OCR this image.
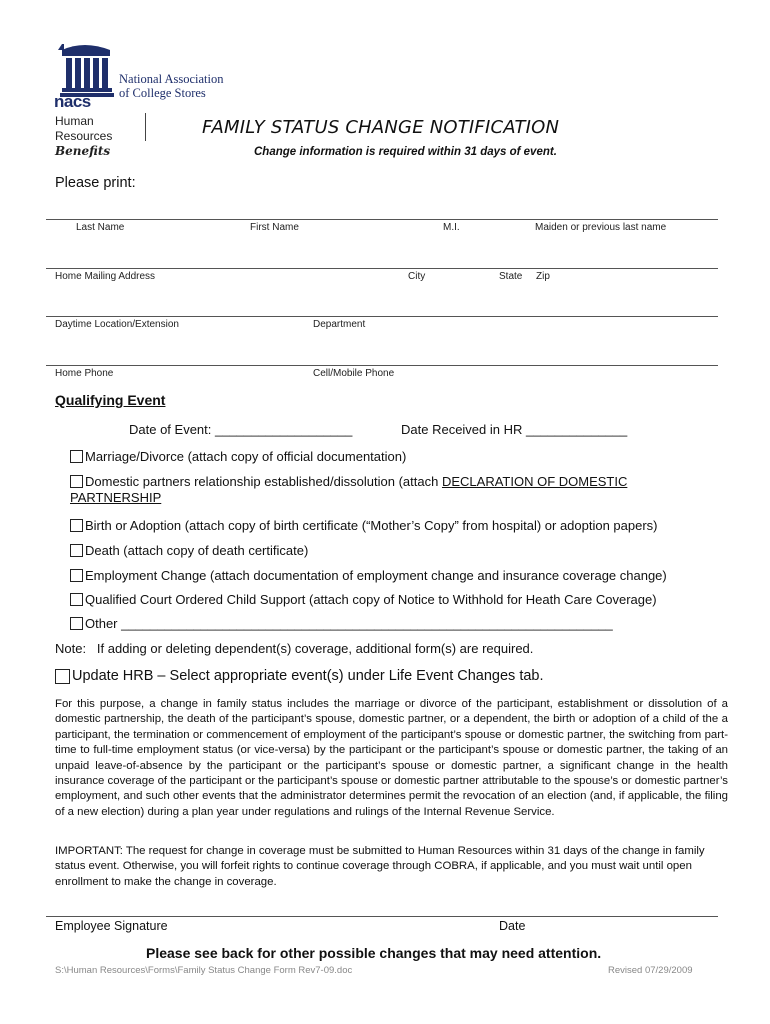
nacs
National Association
of College Stores
Human
Resources
Benefits
FAMILY STATUS CHANGE NOTIFICATION
Change information is required within 31 days of event.
Please print:
Last Name	First Name	M.I.	Maiden or previous last name
Home Mailing Address	City	State Zip
Daytime Location/Extension	Department
Home Phone	Cell/Mobile Phone
Qualifying Event
Date of Event: ___________________	Date Received in HR ______________
Marriage/Divorce (attach copy of official documentation)
Domestic partners relationship established/dissolution (attach DECLARATION OF DOMESTIC
PARTNERSHIP
Birth or Adoption (attach copy of birth certificate (“Mother’s Copy” from hospital) or adoption papers)
Death (attach copy of death certificate)
Employment Change (attach documentation of employment change and insurance coverage change)
Qualified Court Ordered Child Support (attach copy of Notice to Withhold for Heath Care Coverage)
Other ____________________________________________________________________
Note:   If adding or deleting dependent(s) coverage, additional form(s) are required.
Update HRB – Select appropriate event(s) under Life Event Changes tab.
For this purpose, a change in family status includes the marriage or divorce of the participant, establishment or dissolution of a domestic partnership, the death of the participant’s spouse, domestic partner, or a dependent, the birth or adoption of a child of the a participant, the termination or commencement of employment of the participant’s spouse or domestic partner, the switching from part-time to full-time employment status (or vice-versa) by the participant or the participant’s spouse or domestic partner, the taking of an unpaid leave-of-absence by the participant or the participant’s spouse or domestic partner, a significant change in the health insurance coverage of the participant or the participant’s spouse or domestic partner attributable to the spouse’s or domestic partner’s employment, and such other events that the administrator determines permit the revocation of an election (and, if applicable, the filing of a new election) during a plan year under regulations and rulings of the Internal Revenue Service.
IMPORTANT: The request for change in coverage must be submitted to Human Resources within 31 days of the change in family status event. Otherwise, you will forfeit rights to continue coverage through COBRA, if applicable, and you must wait until open enrollment to make the change in coverage.
Employee Signature	Date
Please see back for other possible changes that may need attention.
S:\Human Resources\Forms\Family Status Change Form Rev7-09.doc	Revised 07/29/2009
